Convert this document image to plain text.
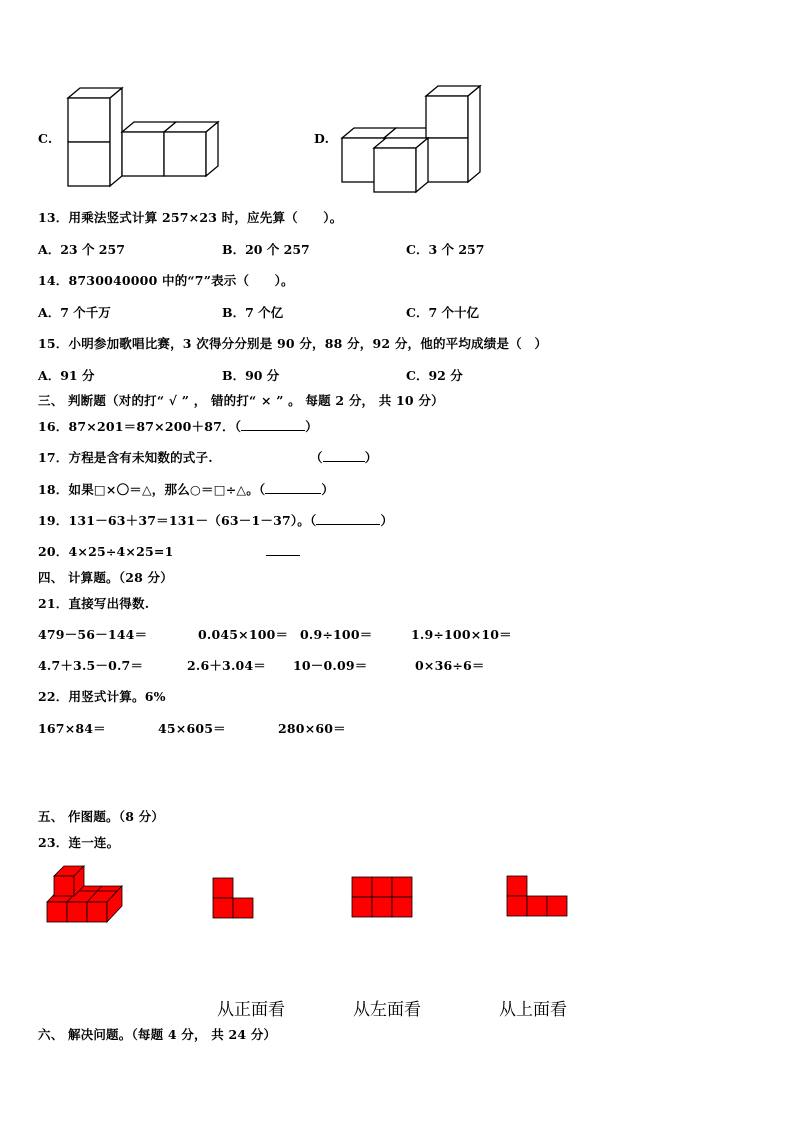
C.	D.
13．用乘法竖式计算 257×23 时，应先算（　　）。
A．23 个 257	B．20 个 257	C．3 个 257
14．8730040000 中的“7”表示（　　）。
A．7 个千万	B．7 个亿	C．7 个十亿
15．小明参加歌唱比赛，3 次得分分别是 90 分，88 分，92 分，他的平均成绩是（　）
A．91 分	B．90 分	C．92 分
三、 判断题（对的打“ √ ” ， 错的打“ × ” 。 每题 2 分， 共 10 分）
16．87×201＝87×200＋87．（	）
17．方程是含有未知数的式子.	（	）
18．如果□×〇＝△，那么○＝□÷△。（	）
19．131－63＋37＝131－（63－1－37）。（	）
20．4×25÷4×25=1
四、 计算题。（28 分）
21．直接写出得数.
479－56－144＝	0.045×100＝ 0.9÷100＝	1.9÷100×10＝
4.7＋3.5－0.7＝	2.6＋3.04＝ 10－0.09＝	0×36÷6＝
22．用竖式计算。6%
167×84＝	45×605＝	280×60＝
五、 作图题。（8 分）
23．连一连。
从正面看	从左面看	从上面看
六、 解决问题。（每题 4 分， 共 24 分）
